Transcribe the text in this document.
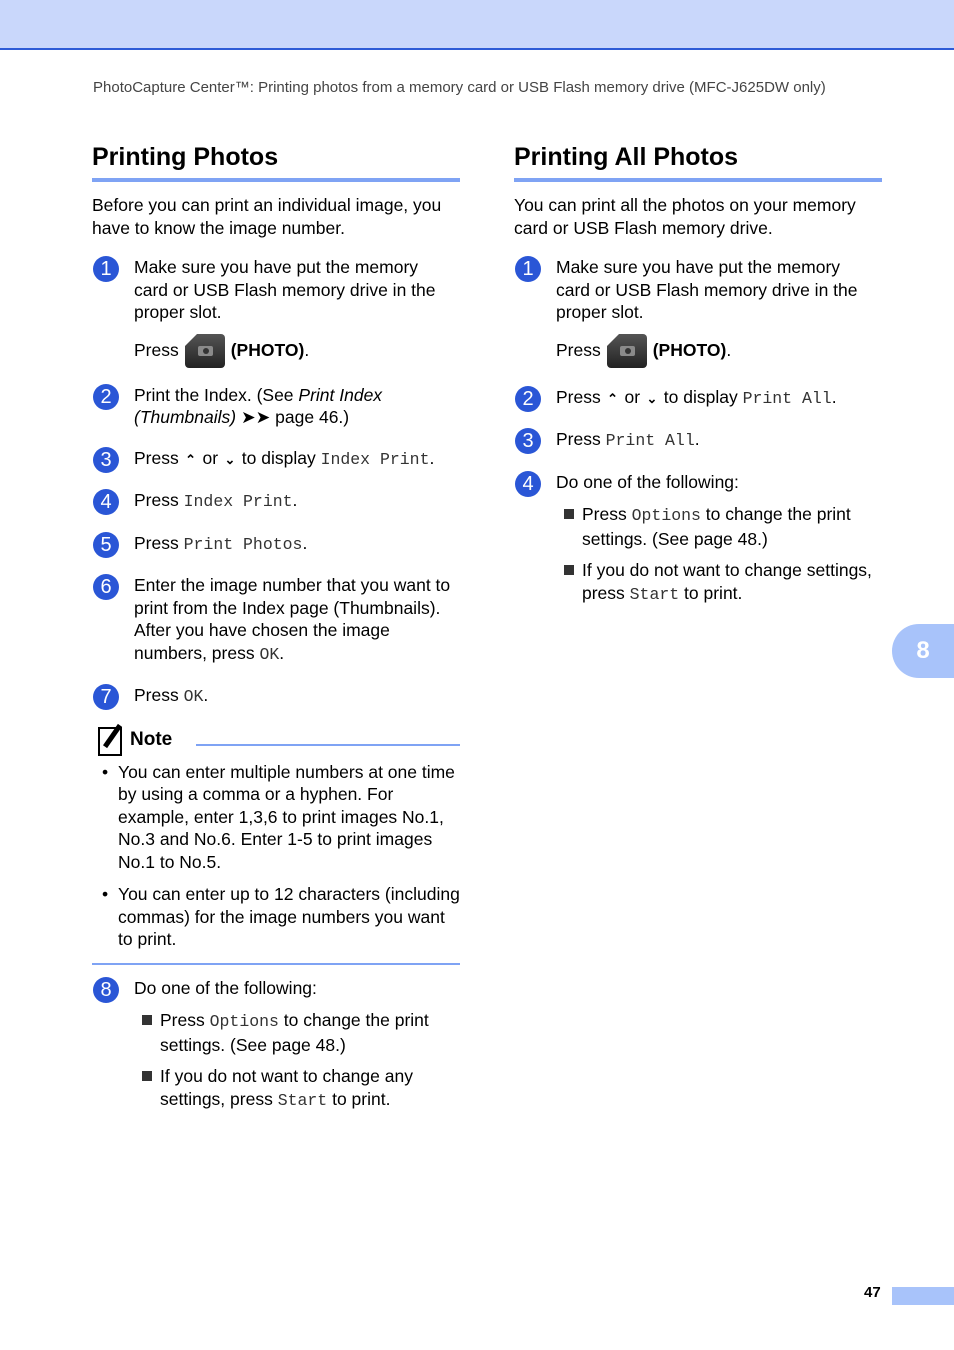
PhotoCapture Center™: Printing photos from a memory card or USB Flash memory drive (MFC-J625DW only)
Printing Photos

Before you can print an individual image, you have to know the image number.

1	Make sure you have put the memory
card or USB Flash memory drive in the
proper slot.
Press	(PHOTO) .
2	Print the Index. (See Print Index
(Thumbnails) ➤➤ page 46.)
3	Press ⌃ or ⌄ to display Index Print.
4	Press Index Print.
5	Press Print Photos.
6	Enter the image number that you want to print from the Index page (Thumbnails). After you have chosen the image numbers, press OK.
7	Press OK.
Note
• You can enter multiple numbers at one time by using a comma or a hyphen. For example, enter 1,3,6 to print images No.1, No.3 and No.6. Enter 1-5 to print images No.1 to No.5.
• You can enter up to 12 characters (including commas) for the image numbers you want to print.
8	Do one of the following:
Press Options to change the print settings. (See page 48.)
If you do not want to change any settings, press Start to print.
Printing All Photos

You can print all the photos on your memory card or USB Flash memory drive.

1	Make sure you have put the memory
card or USB Flash memory drive in the
proper slot.
Press	(PHOTO) .
2	Press ⌃ or ⌄ to display Print All.
3	Press Print All.
4	Do one of the following:
Press Options to change the print settings. (See page 48.)
If you do not want to change settings, press Start to print.
8
47
